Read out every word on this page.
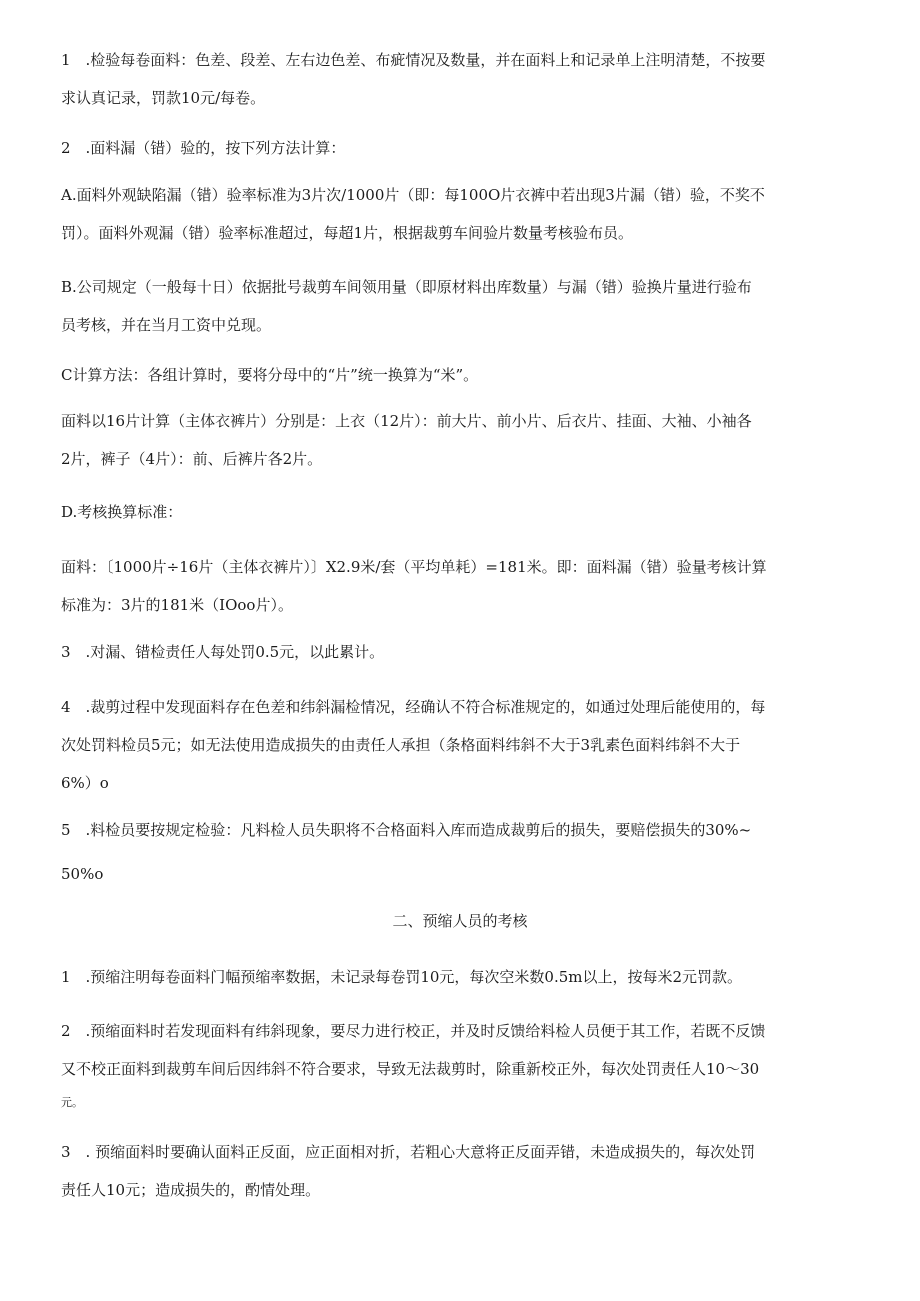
1　.检验每卷面料：色差、段差、左右边色差、布疵情况及数量，并在面料上和记录单上注明清楚，不按要
求认真记录，罚款10元/每卷。
2　.面料漏（错）验的，按下列方法计算：
A.面料外观缺陷漏（错）验率标准为3片次/1000片（即：每100O片衣裤中若出现3片漏（错）验，不奖不
罚）。面料外观漏（错）验率标准超过，每超1片，根据裁剪车间验片数量考核验布员。
B.公司规定（一般每十日）依据批号裁剪车间领用量（即原材料出库数量）与漏（错）验换片量进行验布
员考核，并在当月工资中兑现。
C计算方法：各组计算时，要将分母中的“片”统一换算为“米”。
面料以16片计算（主体衣裤片）分别是：上衣（12片）：前大片、前小片、后衣片、挂面、大袖、小袖各
2片，裤子（4片）：前、后裤片各2片。
D.考核换算标准：
面料：〔1000片÷16片（主体衣裤片）〕X2.9米/套（平均单耗）=181米。即：面料漏（错）验量考核计算
标准为：3片的181米（IOoo片）。
3　.对漏、错检责任人每处罚0.5元，以此累计。
4　.裁剪过程中发现面料存在色差和纬斜漏检情况，经确认不符合标准规定的，如通过处理后能使用的，每
次处罚料检员5元；如无法使用造成损失的由责任人承担（条格面料纬斜不大于3乳素色面料纬斜不大于
6%）o
5　.料检员要按规定检验：凡料检人员失职将不合格面料入库而造成裁剪后的损失，要赔偿损失的30%~
50%o
二、预缩人员的考核
1　.预缩注明每卷面料门幅预缩率数据，未记录每卷罚10元，每次空米数0.5m以上，按每米2元罚款。
2　.预缩面料时若发现面料有纬斜现象，要尽力进行校正，并及时反馈给料检人员便于其工作，若既不反馈
又不校正面料到裁剪车间后因纬斜不符合要求，导致无法裁剪时，除重新校正外，每次处罚责任人10～30
元。
3　. 预缩面料时要确认面料正反面，应正面相对折，若粗心大意将正反面弄错，未造成损失的，每次处罚
责任人10元；造成损失的，酌情处理。
